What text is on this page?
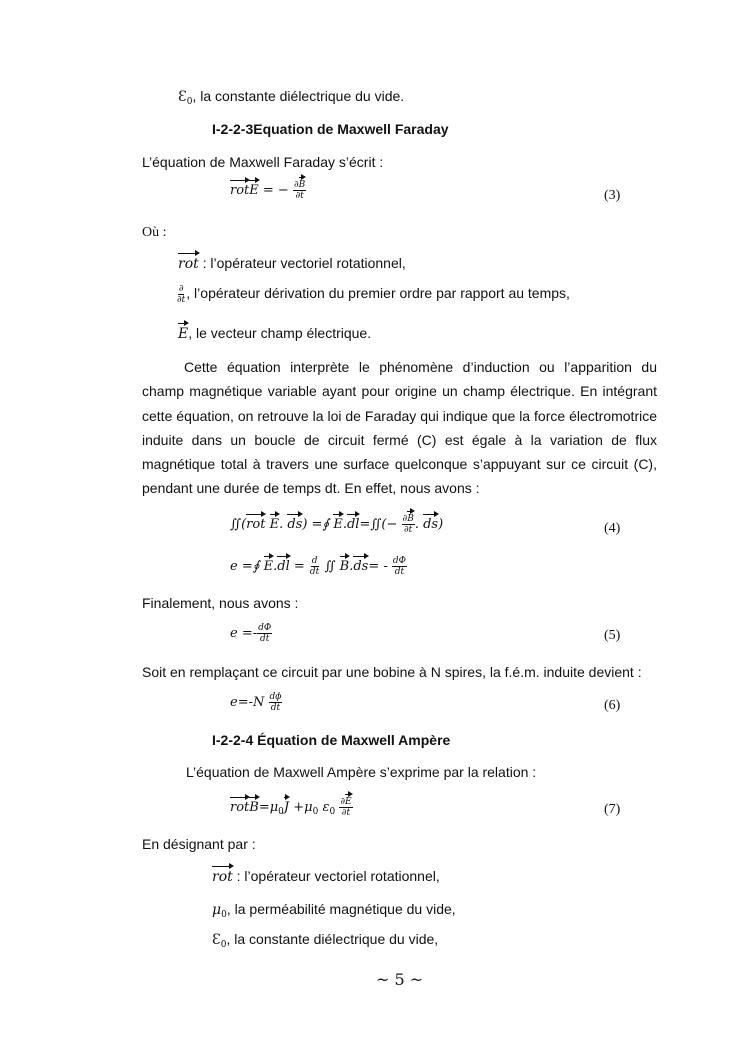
$Ɛ_0$, la constante diélectrique du vide.
I-2-2-3Equation de Maxwell Faraday
L’équation de Maxwell Faraday s’écrit :
rotE = − $\frac{\partial B}{\partial t}$	(3)
Où :
rot : l’opérateur vectoriel rotationnel,
$\frac{\partial}{\partial t}$ , l’opérateur dérivation du premier ordre par rapport au temps,
E, le vecteur champ électrique.
Cette équation interprète le phénomène d’induction ou l’apparition du champ magnétique variable ayant pour origine un champ électrique. En intégrant cette équation, on retrouve la loi de Faraday qui indique que la force électromotrice induite dans un boucle de circuit fermé (C) est égale à la variation de flux magnétique total à travers une surface quelconque s’appuyant sur ce circuit (C), pendant une durée de temps dt. En effet, nous avons :
∬(rot E. ds) =∮ E.dl=∬(− $\frac{\partial B}{\partial t}$ . ds)	(4)
e =∮ $E.dl = \frac{d}{dt}$ ∬ $B.ds= - \frac{d\Phi}{dt}$
Finalement, nous avons :
$e =- \frac{d\Phi}{dt}$	(5)
Soit en remplaçant ce circuit par une bobine à N spires, la f.é.m. induite devient :
$e=-N \frac{d\phi}{dt}$	(6)
I-2-2-4 Équation de Maxwell Ampère
L’équation de Maxwell Ampère s’exprime par la relation :
$rotB=\mu_0J +\mu_0$ $\varepsilon_0 \frac{\partial E}{\partial t}$	(7)
En désignant par :
rot : l’opérateur vectoriel rotationnel,
$\mu_0$, la perméabilité magnétique du vide,
$Ɛ_0$, la constante diélectrique du vide,
~ 5 ~
